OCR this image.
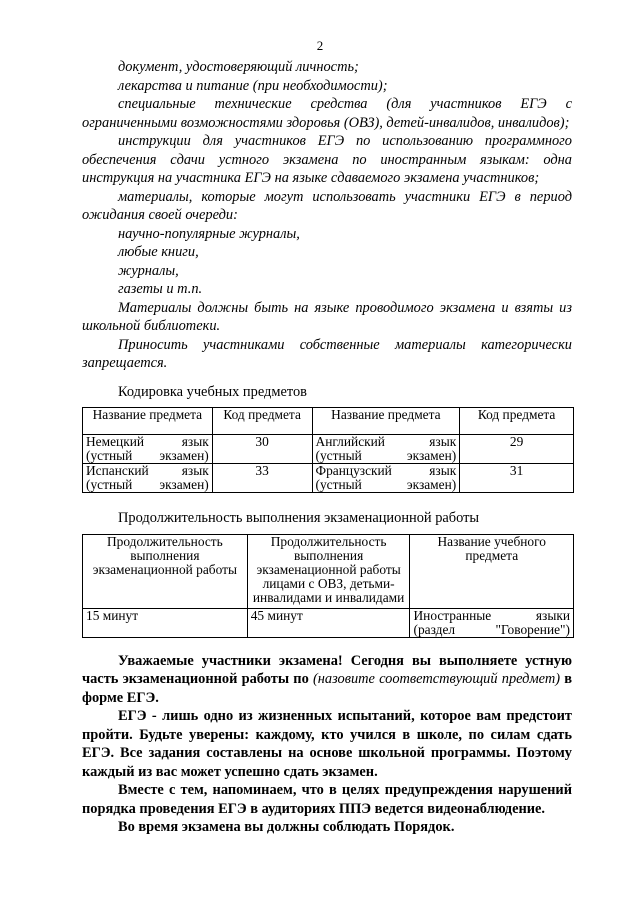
2

документ, удостоверяющий личность;

лекарства и питание (при необходимости);

специальные технические средства (для участников ЕГЭ с ограниченными возможностями здоровья (ОВЗ), детей-инвалидов, инвалидов);

инструкции для участников ЕГЭ по использованию программного обеспечения сдачи устного экзамена по иностранным языкам: одна инструкция на участника ЕГЭ на языке сдаваемого экзамена участников;

материалы, которые могут использовать участники ЕГЭ в период ожидания своей очереди:

научно-популярные журналы,

любые книги,

журналы,

газеты и т.п.

Материалы должны быть на языке проводимого экзамена и взяты из школьной библиотеки.

Приносить участниками собственные материалы категорически запрещается.

Кодировка учебных предметов

Название предмета	Код предмета	Название предмета	Код предмета
Немецкий язык (устный экзамен)	30	Английский язык (устный экзамен)	29
Испанский язык (устный экзамен)	33	Французский язык (устный экзамен)	31

Продолжительность выполнения экзаменационной работы

Продолжительность выполнения экзаменационной работы	Продолжительность выполнения экзаменационной работы лицами с ОВЗ, детьми-инвалидами и инвалидами	Название учебного предмета
15 минут	45 минут	Иностранные языки (раздел "Говорение")

Уважаемые участники экзамена! Сегодня вы выполняете устную часть экзаменационной работы по (назовите соответствующий предмет) в форме ЕГЭ.

ЕГЭ - лишь одно из жизненных испытаний, которое вам предстоит пройти. Будьте уверены: каждому, кто учился в школе, по силам сдать ЕГЭ. Все задания составлены на основе школьной программы. Поэтому каждый из вас может успешно сдать экзамен.

Вместе с тем, напоминаем, что в целях предупреждения нарушений порядка проведения ЕГЭ в аудиториях ППЭ ведется видеонаблюдение.

Во время экзамена вы должны соблюдать Порядок.
